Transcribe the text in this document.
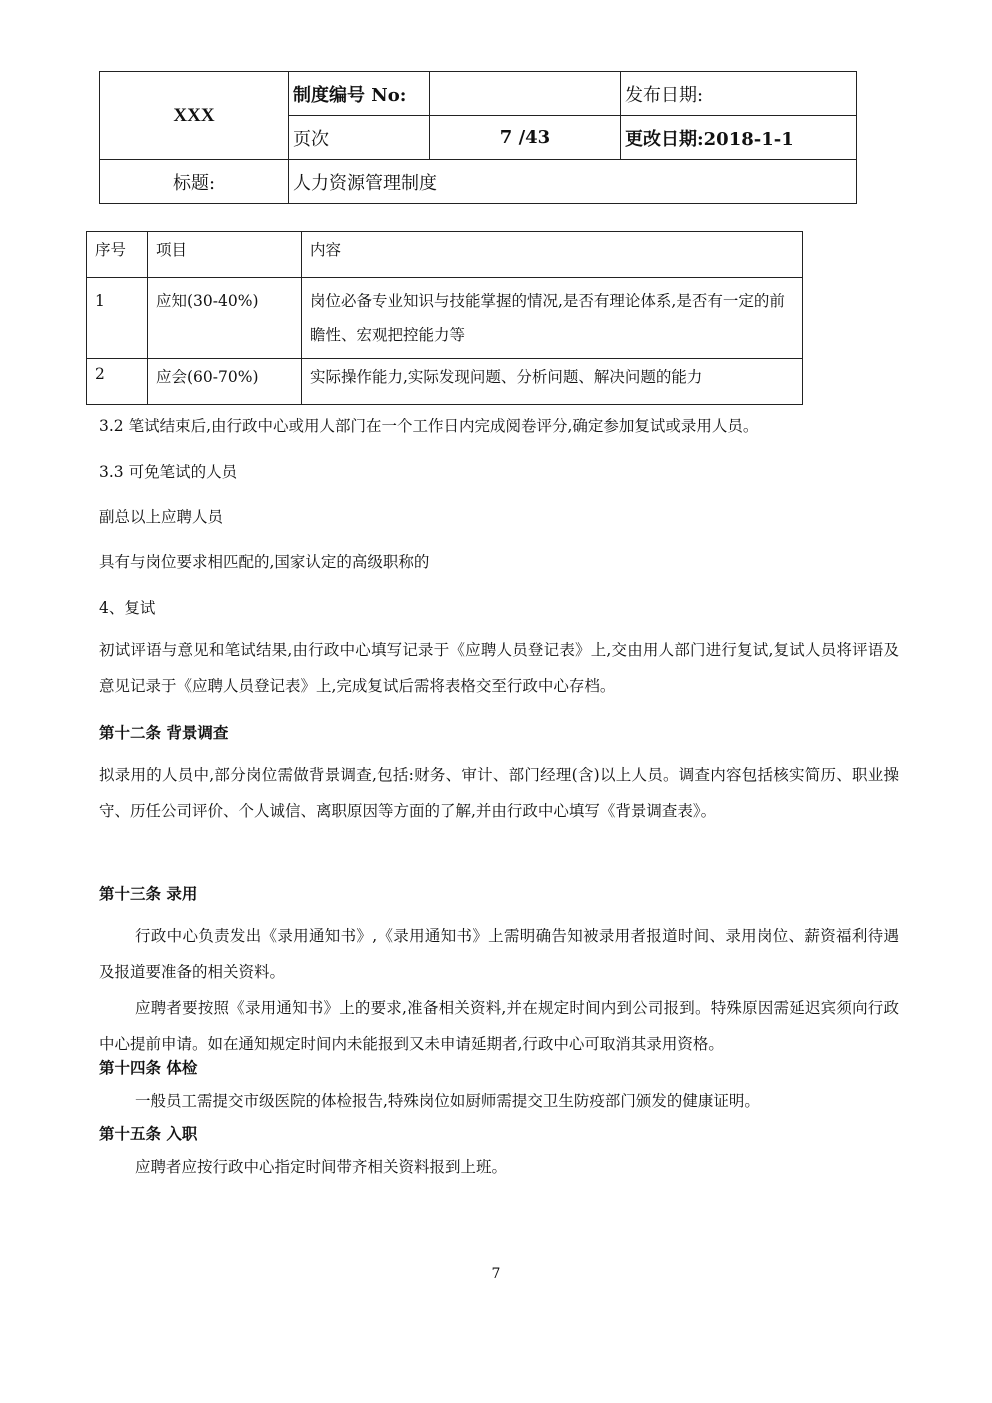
XXX	制度编号 No:		发布日期:
	页次	7 /43	更改日期:2018-1-1
标题:	人力资源管理制度		
序号	项目	内容
1	应知(30-40%)	岗位必备专业知识与技能掌握的情况,是否有理论体系,是否有一定的前瞻性、宏观把控能力等
2	应会(60-70%)	实际操作能力,实际发现问题、分析问题、解决问题的能力
3.2 笔试结束后,由行政中心或用人部门在一个工作日内完成阅卷评分,确定参加复试或录用人员。
3.3 可免笔试的人员
副总以上应聘人员
具有与岗位要求相匹配的,国家认定的高级职称的
4、复试
初试评语与意见和笔试结果,由行政中心填写记录于《应聘人员登记表》上,交由用人部门进行复试,复试人员将评语及意见记录于《应聘人员登记表》上,完成复试后需将表格交至行政中心存档。
第十二条 背景调查
拟录用的人员中,部分岗位需做背景调查,包括:财务、审计、部门经理(含)以上人员。调查内容包括核实简历、职业操守、历任公司评价、个人诚信、离职原因等方面的了解,并由行政中心填写《背景调查表》。
第十三条 录用
行政中心负责发出《录用通知书》,《录用通知书》上需明确告知被录用者报道时间、录用岗位、薪资福利待遇及报道要准备的相关资料。
应聘者要按照《录用通知书》上的要求,准备相关资料,并在规定时间内到公司报到。特殊原因需延迟宾须向行政中心提前申请。如在通知规定时间内未能报到又未申请延期者,行政中心可取消其录用资格。
第十四条 体检
一般员工需提交市级医院的体检报告,特殊岗位如厨师需提交卫生防疫部门颁发的健康证明。
第十五条 入职
应聘者应按行政中心指定时间带齐相关资料报到上班。
7
